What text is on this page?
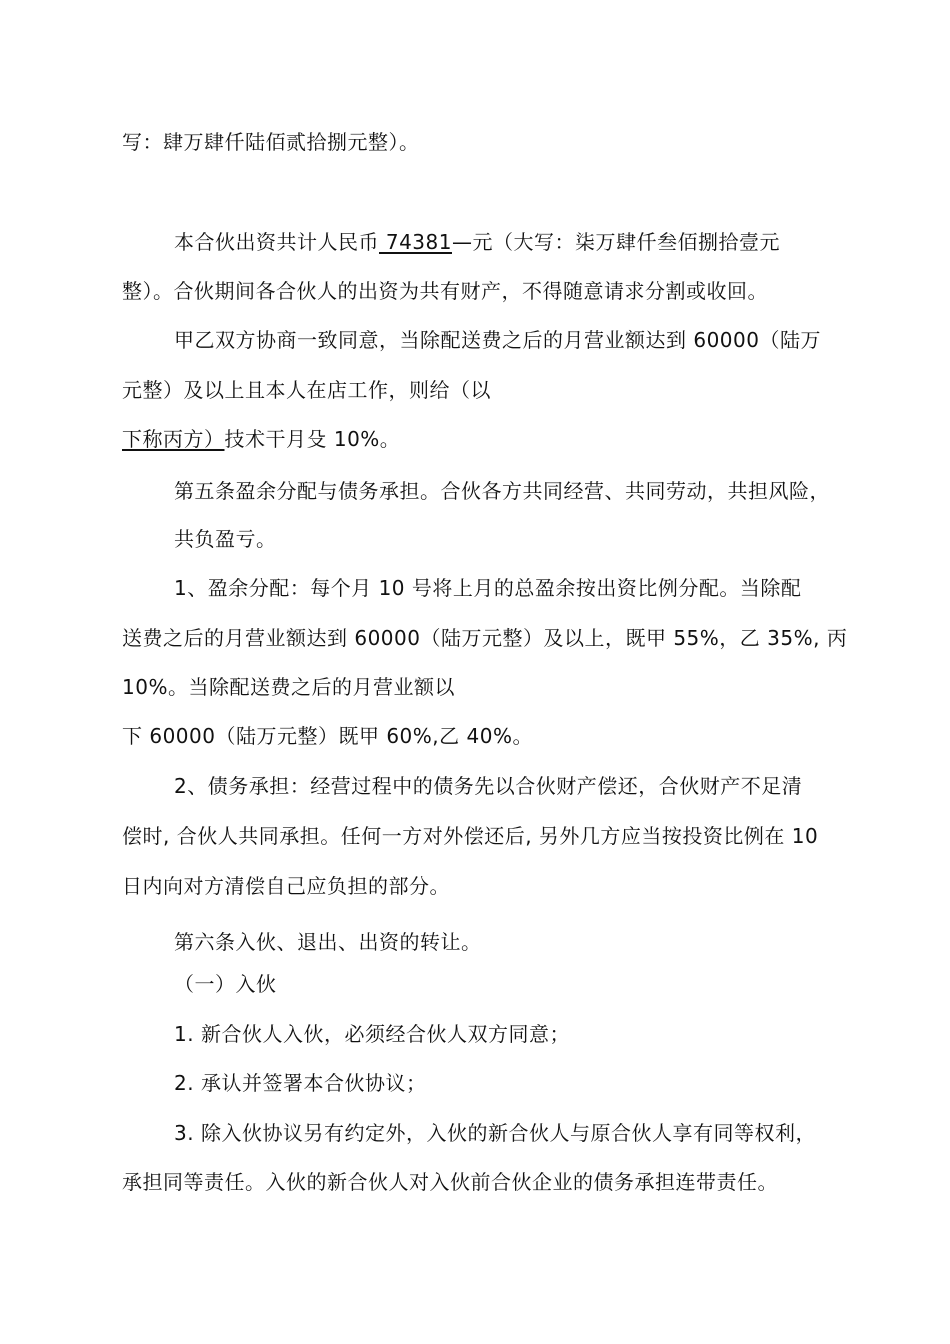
写：肆万肆仟陆佰贰拾捌元整）。
本合伙出资共计人民币 74381—元（大写：柒万肆仟叁佰捌拾壹元
整）。合伙期间各合伙人的出资为共有财产，不得随意请求分割或收回。
甲乙双方协商一致同意，当除配送费之后的月营业额达到 60000（陆万
元整）及以上且本人在店工作，则给（以
下称丙方）技术干月殳 10%。
第五条盈余分配与债务承担。合伙各方共同经营、共同劳动，共担风险，
共负盈亏。
1、盈余分配：每个月 10 号将上月的总盈余按出资比例分配。当除配
送费之后的月营业额达到 60000（陆万元整）及以上，既甲 55%，乙 35%, 丙
10%。当除配送费之后的月营业额以
下 60000（陆万元整）既甲 60%,乙 40%。
2、债务承担：经营过程中的债务先以合伙财产偿还，合伙财产不足清
偿时, 合伙人共同承担。任何一方对外偿还后, 另外几方应当按投资比例在 10
日内向对方清偿自己应负担的部分。
第六条入伙、退出、出资的转让。
（一）入伙
1. 新合伙人入伙，必须经合伙人双方同意；
2. 承认并签署本合伙协议；
3. 除入伙协议另有约定外，入伙的新合伙人与原合伙人享有同等权利，
承担同等责任。入伙的新合伙人对入伙前合伙企业的债务承担连带责任。
